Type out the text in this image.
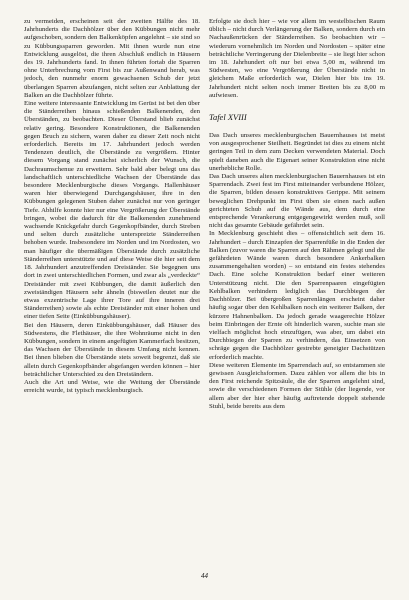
zu vermeiden, erscheinen seit der zweiten Hälfte des 18. Jahrhunderts die Dachhölzer über den Kübbungen nicht mehr aufgeschoben, sondern den Balkenköpfen angelehnt – sie sind so zu Kübbungssparren geworden. Mit ihnen wurde nun eine Entwicklung ausgelöst, die ihren Abschluß endlich in Häusern des 19. Jahrhunderts fand. In ihnen führten fortab die Sparren ohne Unterbrechung vom First bis zur Außenwand herab, was jedoch, den nunmehr enorm gewachsenen Schub der jetzt überlangen Sparren abzufangen, nicht selten zur Anblattung der Balken an die Dachhölzer führte.

Eine weitere interessante Entwicklung im Gerüst ist bei den über die Ständerreihen hinaus schießenden Balkenenden, den Überständen, zu beobachten. Dieser Überstand blieb zunächst relativ gering. Besondere Konstruktionen, die Balkenenden gegen Bruch zu sichern, waren daher zu dieser Zeit noch nicht erforderlich. Bereits im 17. Jahrhundert jedoch werden Tendenzen deutlich, die Überstände zu vergrößern. Hinter diesem Vorgang stand zunächst sicherlich der Wunsch, die Dachraumschenue zu erweitern. Sehr bald aber belegt uns das landschaftlich unterschiedliche Wachsen der Überstände das besondere Mecklenburgische dieses Vorgangs. Hallenhäuser waren hier überwiegend Durchgangshäuser, ihre in den Kübbungen gelegenen Stuben daher zunächst nur von geringer Tiefe. Abhilfe konnte hier nur eine Vergrößerung der Überstände bringen, wobei die dadurch für die Balkenenden zunehmend wachsende Knickgefahr durch Gegenkopfbänder, durch Streben und selten durch zusätzliche unterspreizte Ständerreihen behoben wurde. Insbesondere im Norden und im Nordosten, wo man häufiger die übermäßigen Überstände durch zusätzliche Ständerreihen unterstützte und auf diese Weise die hier seit dem 18. Jahrhundert anzutreffenden Dreiständer. Sie begegnen uns dort in zwei unterschiedlichen Formen, und zwar als „verdeckte“ Dreiständer mit zwei Kübbungen, die damit äußerlich den zweiständigen Häusern sehr ähneln (bisweilen deutet nur die etwas exzentrische Lage ihrer Tore auf ihre inneren drei Ständerreihen) sowie als echte Dreiständer mit einer hohen und einer tiefen Seite (Einkübbungshäuser).

Bei den Häusern, deren Einkübbungshäuser, daß Häuser des Südwestens, die Flethäuser, die ihre Wohnräume nicht in den Kübbungen, sondern in einem angefügten Kammerfach besitzen, das Wachsen der Überstände in diesem Umfang nicht kennen. Bei ihnen blieben die Überstände stets soweit begrenzt, daß sie allein durch Gegenkopfbänder abgefangen werden können – hier beträchtlicher Unterschied zu den Dreiständern.

Auch die Art und Weise, wie die Weitung der Überstände erreicht wurde, ist typisch mecklenburgisch.

Erfolgte sie doch hier – wie vor allem im westelbischen Raum üblich – nicht durch Verlängerung der Balken, sondern durch ein Nachaußenrücken der Ständerreihen. So beobachten wir – wiederum vornehmlich im Norden und Nordosten – später eine beträchtliche Verringerung der Dielenbreite – sie liegt hier schon im 18. Jahrhundert oft nur bei etwa 5,00 m, während im Südwesten, wo eine Vergrößerung der Überstände nicht in gleichem Maße erforderlich war, Dielen hier bis ins 19. Jahrhundert nicht selten noch immer Breiten bis zu 8,00 m aufwiesen.

Tafel XVIII

Das Dach unseres mecklenburgischen Bauernhauses ist meist von ausgesprochener Steilheit. Begründet ist dies zu einem nicht geringen Teil in dem zum Decken verwendeten Material. Doch spielt daneben auch die Eigenart seiner Konstruktion eine nicht unerhebliche Rolle.

Das Dach unseres alten mecklenburgischen Bauernhauses ist ein Sparrendach. Zwei fest im First miteinander verbundene Hölzer, die Sparren, bilden dessen konstruktives Gerippe. Mit seinem beweglichen Drehpunkt im First üben sie einen nach außen gerichteten Schub auf die Wände aus, dem durch eine entsprechende Verankerung entgegengewirkt werden muß, soll nicht das gesamte Gebäude gefährdet sein.

In Mecklenburg geschieht dies – offensichtlich seit dem 16. Jahrhundert – durch Einzapfen der Sparrenfüße in die Enden der Balken (zuvor waren die Sparren auf den Rähmen gelegt und die gefährdeten Wände waren durch besondere Ankerbalken zusammengehalten worden) – so entstand ein festes stehendes Dach. Eine solche Konstruktion bedarf einer weiteren Unterstützung nicht. Die den Sparrenpaaren eingefügten Kehlbalken verhindern lediglich das Durchbiegen der Dachhölzer. Bei übergroßen Sparrenlängen erscheint daher häufig sogar über den Kehlbalken noch ein weiterer Balken, der kürzere Hahnenbalken. Da jedoch gerade waagerechte Hölzer beim Einbringen der Ernte oft hinderlich waren, suchte man sie vielfach möglichst hoch einzufügen, was aber, um dabei ein Durchbiegen der Sparren zu verhindern, das Einsetzen von schräge gegen die Dachhölzer gestrebte geneigter Dachstützen erforderlich machte.

Diese weiteren Elemente im Sparrendach auf, so entstammen sie gewissen Ausgleichsformen. Dazu zählen vor allem die bis in den First reichende Spitzsäule, die der Sparren angelehnt sind, sowie die verschiedenen Formen der Stühle (der liegende, vor allem aber der hier eher häufig auftretende doppelt stehende Stuhl, beide bereits aus dem

44
